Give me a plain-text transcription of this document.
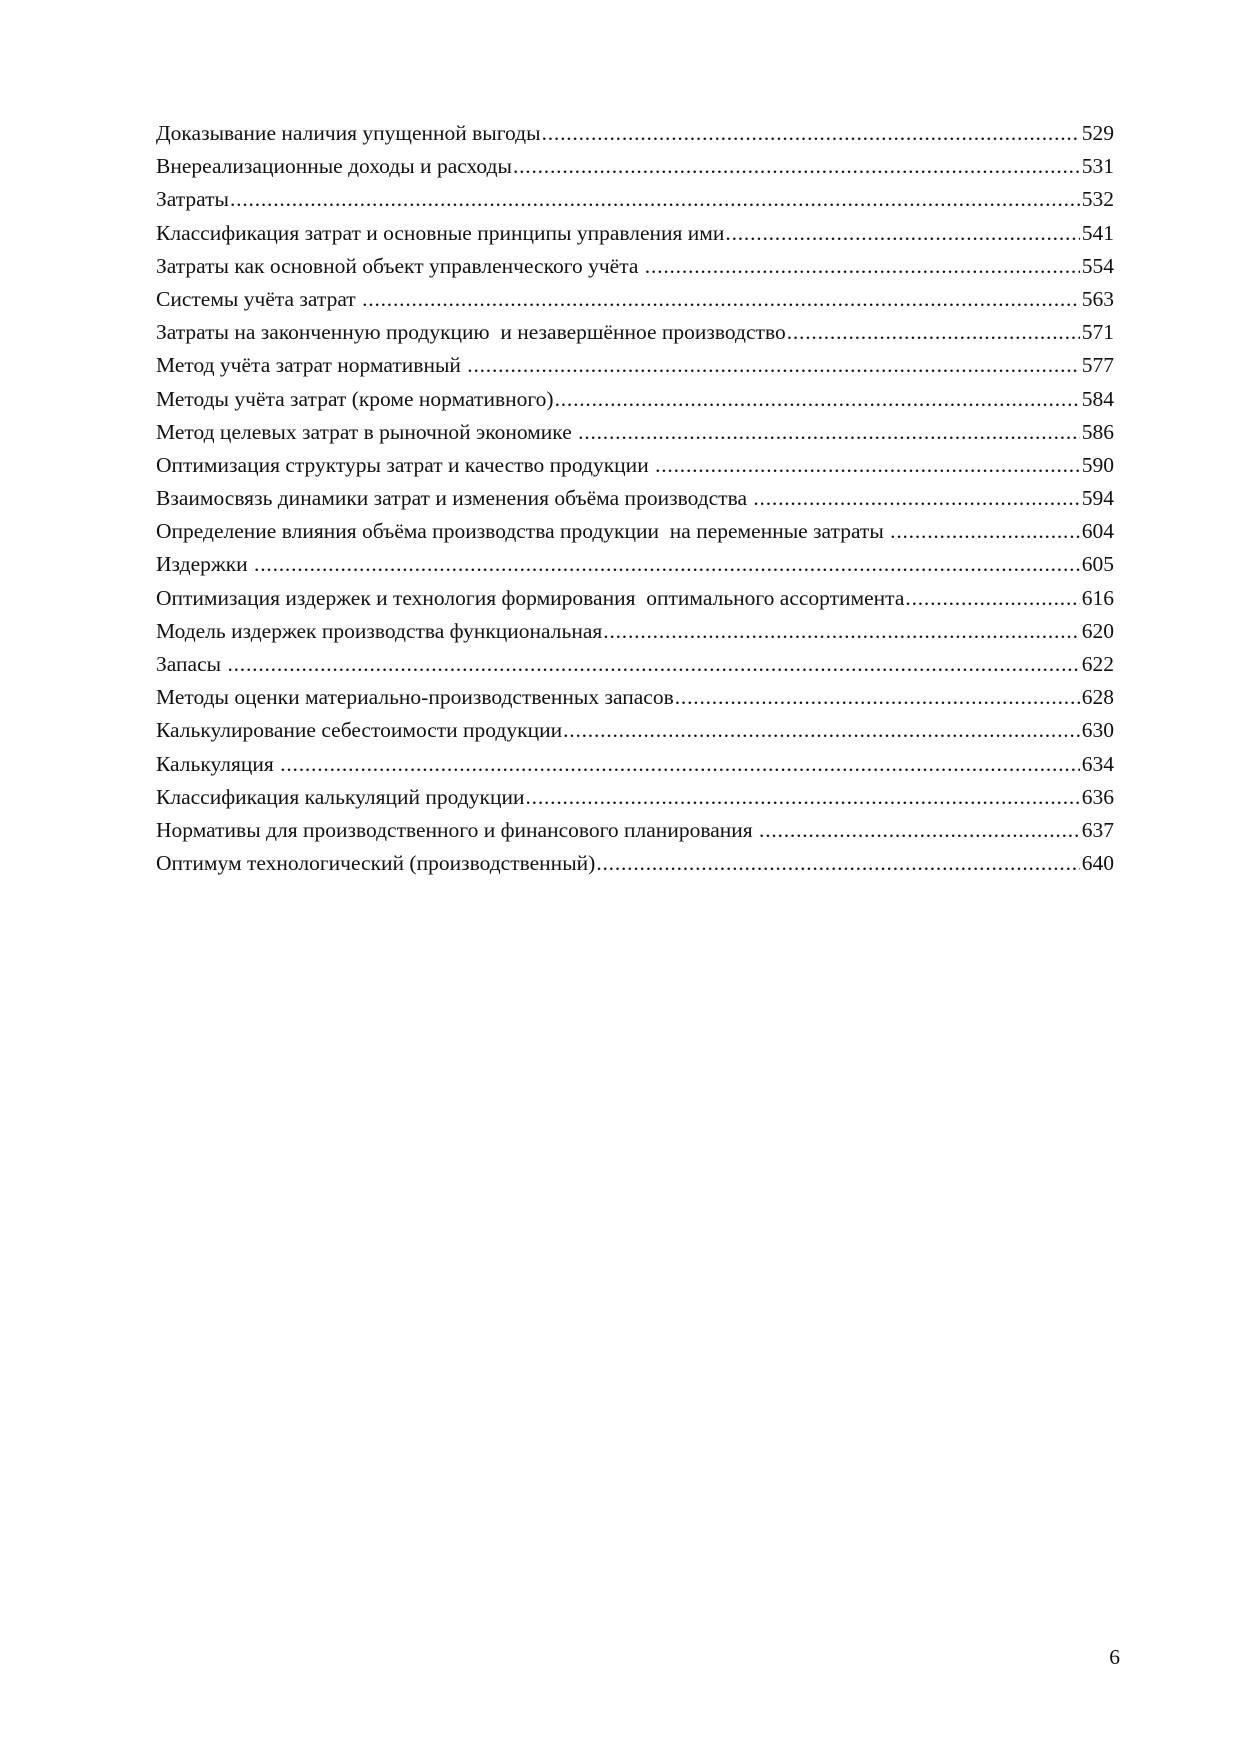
Доказывание наличия упущенной выгоды .....	529
Внереализационные доходы и расходы .....	531
Затраты .....	532
Классификация затрат и основные принципы управления ими .....	541
Затраты как основной объект управленческого учёта .....	554
Системы учёта затрат .....	563
Затраты на законченную продукцию  и незавершённое производство .....	571
Метод учёта затрат нормативный .....	577
Методы учёта затрат (кроме нормативного) .....	584
Метод целевых затрат в рыночной экономике .....	586
Оптимизация структуры затрат и качество продукции .....	590
Взаимосвязь динамики затрат и изменения объёма производства .....	594
Определение влияния объёма производства продукции  на переменные затраты .....	604
Издержки .....	605
Оптимизация издержек и технология формирования  оптимального ассортимента .....	616
Модель издержек производства функциональная .....	620
Запасы .....	622
Методы оценки материально-производственных запасов .....	628
Калькулирование себестоимости продукции .....	630
Калькуляция .....	634
Классификация калькуляций продукции .....	636
Нормативы для производственного и финансового планирования .....	637
Оптимум технологический (производственный) .....	640
6
